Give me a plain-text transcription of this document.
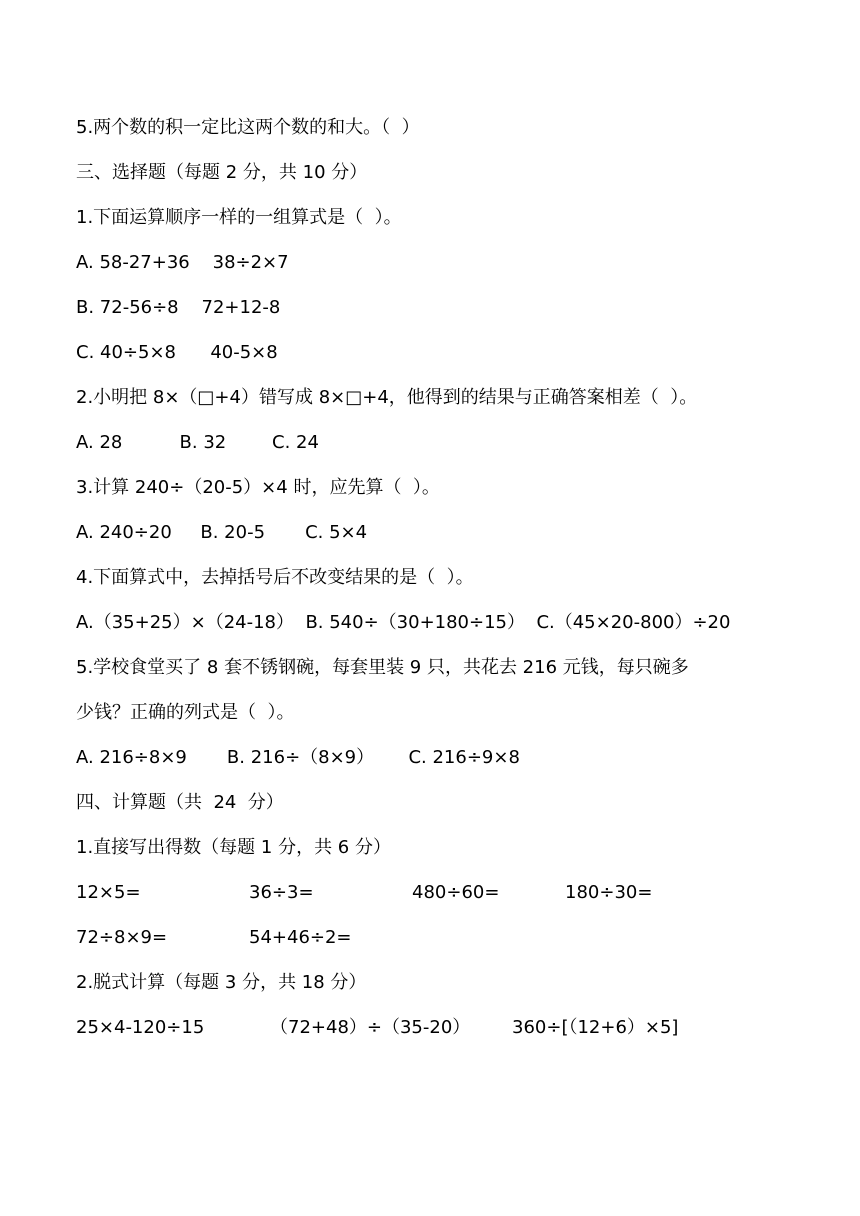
5.两个数的积一定比这两个数的和大。（  ）
三、选择题（每题 2 分，共 10 分）
1.下面运算顺序一样的一组算式是（  ）。
A. 58-27+36    38÷2×7
B. 72-56÷8    72+12-8
C. 40÷5×8      40-5×8
2.小明把 8×（□+4）错写成 8×□+4，他得到的结果与正确答案相差（  ）。
A. 28          B. 32        C. 24
3.计算 240÷（20-5）×4 时，应先算（  ）。
A. 240÷20     B. 20-5       C. 5×4
4.下面算式中，去掉括号后不改变结果的是（  ）。
A.（35+25）×（24-18）  B. 540÷（30+180÷15）  C.（45×20-800）÷20
5.学校食堂买了 8 套不锈钢碗，每套里装 9 只，共花去 216 元钱，每只碗多
少钱？正确的列式是（  ）。
A. 216÷8×9       B. 216÷（8×9）      C. 216÷9×8
四、计算题（共  24  分）
1.直接写出得数（每题 1 分，共 6 分）
12×5=	36÷3=	480÷60=	180÷30=
72÷8×9=	54+46÷2=
2.脱式计算（每题 3 分，共 18 分）
25×4-120÷15	（72+48）÷（35-20） 360÷[（12+6）×5]
